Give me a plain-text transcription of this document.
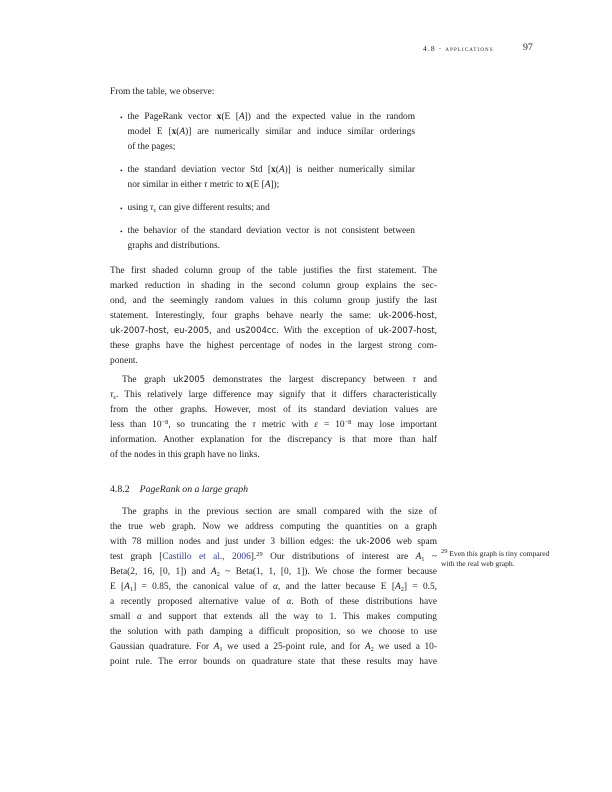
4.8 · applications	97
From the table, we observe:
• the PageRank vector x(E [A]) and the expected value in the random
model E [x(A)] are numerically similar and induce similar orderings
of the pages;
• the standard deviation vector Std [x(A)] is neither numerically similar
nor similar in either τ metric to x(E [A]);
• using $\tau_\varepsilon$ can give different results; and
• the behavior of the standard deviation vector is not consistent between
graphs and distributions.
The first shaded column group of the table justifies the first statement. The
marked reduction in shading in the second column group explains the sec-
ond, and the seemingly random values in this column group justify the last
statement. Interestingly, four graphs behave nearly the same: uk-2006-host,
uk-2007-host, eu-2005, and us2004cc. With the exception of uk-2007-host,
these graphs have the highest percentage of nodes in the largest strong com-
ponent.
The graph uk2005 demonstrates the largest discrepancy between τ and
$\tau_\varepsilon$. This relatively large difference may signify that it differs characteristically
from the other graphs. However, most of its standard deviation values are
less than $10^{-8}$, so truncating the τ metric with $\varepsilon = 10^{-8}$ may lose important
information. Another explanation for the discrepancy is that more than half
of the nodes in this graph have no links.
4.8.2 PageRank on a large graph
The graphs in the previous section are small compared with the size of
the true web graph. Now we address computing the quantities on a graph
with 78 million nodes and just under 3 billion edges: the uk-2006 web spam
test graph [Castillo et al., 2006].$^{29}$ Our distributions of interest are $A_1$ ~
Beta(2, 16, [0, 1]) and $A_2$ ~ Beta(1, 1, [0, 1]). We chose the former because
E $[A_1] = 0.85$, the canonical value of α, and the latter because E $[A_2] = 0.5$,
a recently proposed alternative value of α. Both of these distributions have
small a and support that extends all the way to 1. This makes computing
the solution with path damping a difficult proposition, so we choose to use
Gaussian quadrature. For $A_1$ we used a 25-point rule, and for $A_2$ we used a 10-
point rule. The error bounds on quadrature state that these results may have
$^{29}$ Even this graph is tiny compared
with the real web graph.
